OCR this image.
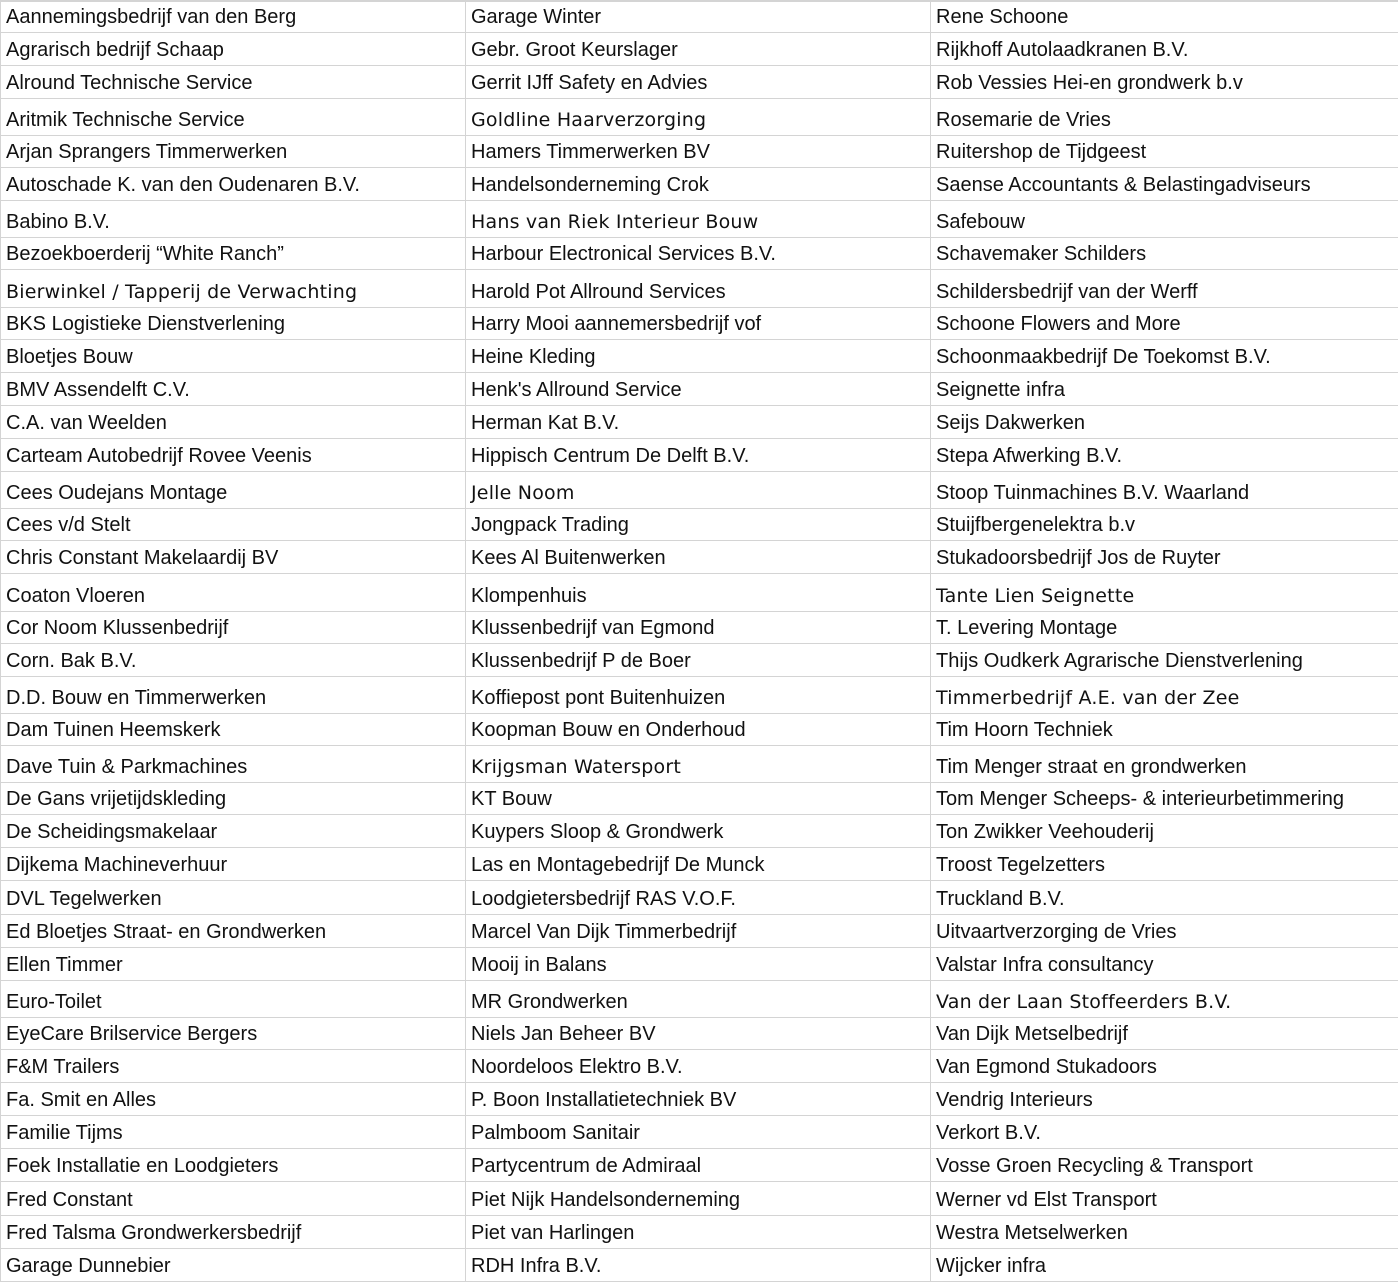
Aannemingsbedrijf van den Berg	Garage Winter	Rene Schoone
Agrarisch bedrijf Schaap	Gebr. Groot Keurslager	Rijkhoff Autolaadkranen B.V.
Alround Technische Service	Gerrit IJff Safety en Advies	Rob Vessies Hei-en grondwerk b.v
Aritmik Technische Service	Goldline Haarverzorging	Rosemarie de Vries
Arjan Sprangers Timmerwerken	Hamers Timmerwerken BV	Ruitershop de Tijdgeest
Autoschade K. van den Oudenaren B.V.	Handelsonderneming Crok	Saense Accountants & Belastingadviseurs
Babino B.V.	Hans van Riek Interieur Bouw	Safebouw
Bezoekboerderij “White Ranch”	Harbour Electronical Services B.V.	Schavemaker Schilders
Bierwinkel / Tapperij de Verwachting	Harold Pot Allround Services	Schildersbedrijf van der Werff
BKS Logistieke Dienstverlening	Harry Mooi aannemersbedrijf vof	Schoone Flowers and More
Bloetjes Bouw	Heine Kleding	Schoonmaakbedrijf De Toekomst B.V.
BMV Assendelft C.V.	Henk's Allround Service	Seignette infra
C.A. van Weelden	Herman Kat B.V.	Seijs Dakwerken
Carteam Autobedrijf Rovee Veenis	Hippisch Centrum De Delft B.V.	Stepa Afwerking B.V.
Cees Oudejans Montage	Jelle Noom	Stoop Tuinmachines B.V. Waarland
Cees v/d Stelt	Jongpack Trading	Stuijfbergenelektra b.v
Chris Constant Makelaardij BV	Kees Al Buitenwerken	Stukadoorsbedrijf Jos de Ruyter
Coaton Vloeren	Klompenhuis	Tante Lien Seignette
Cor Noom Klussenbedrijf	Klussenbedrijf van Egmond	T. Levering Montage
Corn. Bak B.V.	Klussenbedrijf P de Boer	Thijs Oudkerk Agrarische Dienstverlening
D.D. Bouw en Timmerwerken	Koffiepost pont Buitenhuizen	Timmerbedrijf A.E. van der Zee
Dam Tuinen Heemskerk	Koopman Bouw en Onderhoud	Tim Hoorn Techniek
Dave Tuin & Parkmachines	Krijgsman Watersport	Tim Menger straat en grondwerken
De Gans vrijetijdskleding	KT Bouw	Tom Menger Scheeps- & interieurbetimmering
De Scheidingsmakelaar	Kuypers Sloop & Grondwerk	Ton Zwikker Veehouderij
Dijkema Machineverhuur	Las en Montagebedrijf De Munck	Troost Tegelzetters
DVL Tegelwerken	Loodgietersbedrijf RAS V.O.F.	Truckland B.V.
Ed Bloetjes Straat- en Grondwerken	Marcel Van Dijk Timmerbedrijf	Uitvaartverzorging de Vries
Ellen Timmer	Mooij in Balans	Valstar Infra consultancy
Euro-Toilet	MR Grondwerken	Van der Laan Stoffeerders B.V.
EyeCare Brilservice Bergers	Niels Jan Beheer BV	Van Dijk Metselbedrijf
F&M Trailers	Noordeloos Elektro B.V.	Van Egmond Stukadoors
Fa. Smit en Alles	P. Boon Installatietechniek BV	Vendrig Interieurs
Familie Tijms	Palmboom Sanitair	Verkort B.V.
Foek Installatie en Loodgieters	Partycentrum de Admiraal	Vosse Groen Recycling & Transport
Fred Constant	Piet Nijk Handelsonderneming	Werner vd Elst Transport
Fred Talsma Grondwerkersbedrijf	Piet van Harlingen	Westra Metselwerken
Garage Dunnebier	RDH Infra B.V.	Wijcker infra
